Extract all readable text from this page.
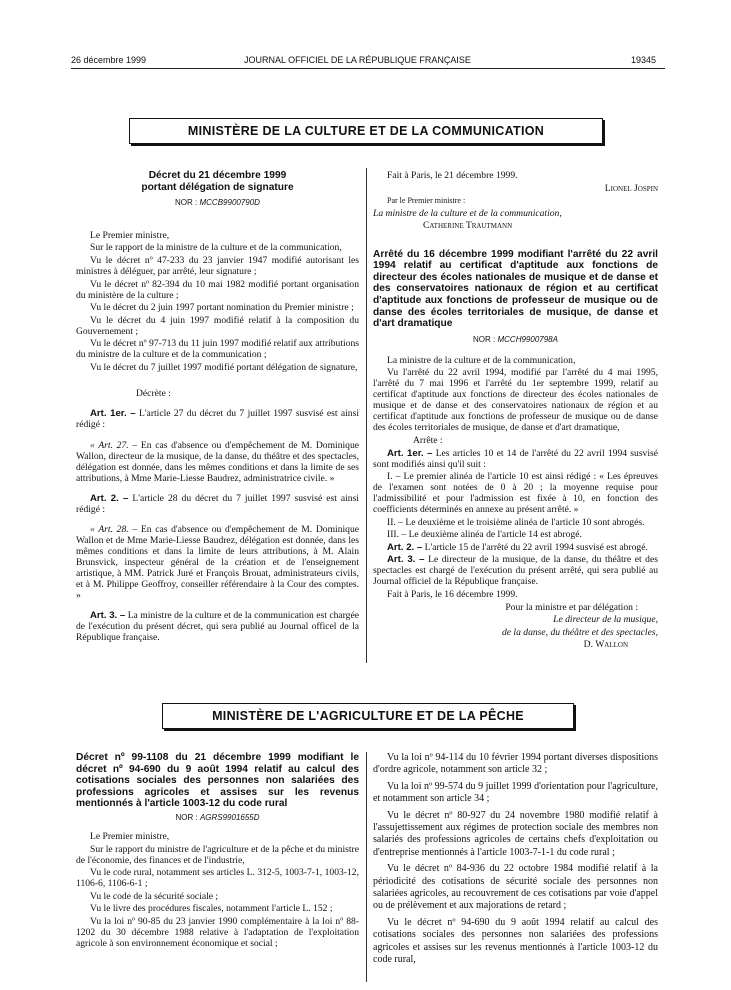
26 décembre 1999	JOURNAL OFFICIEL DE LA RÉPUBLIQUE FRANÇAISE	19345
MINISTÈRE DE LA CULTURE ET DE LA COMMUNICATION

Décret du 21 décembre 1999

portant délégation de signature

NOR : MCCB9900790D

Le Premier ministre,

Sur le rapport de la ministre de la culture et de la communication,

Vu le décret nº 47-233 du 23 janvier 1947 modifié autorisant les ministres à déléguer, par arrêté, leur signature ;

Vu le décret nº 82-394 du 10 mai 1982 modifié portant organisation du ministère de la culture ;

Vu le décret du 2 juin 1997 portant nomination du Premier ministre ;

Vu le décret du 4 juin 1997 modifié relatif à la composition du Gouvernement ;

Vu le décret nº 97-713 du 11 juin 1997 modifié relatif aux attributions du ministre de la culture et de la communication ;

Vu le décret du 7 juillet 1997 modifié portant délégation de signature,

Décrète :

Art. 1er. – L'article 27 du décret du 7 juillet 1997 susvisé est ainsi rédigé :

« Art. 27. – En cas d'absence ou d'empêchement de M. Dominique Wallon, directeur de la musique, de la danse, du théâtre et des spectacles, délégation est donnée, dans les mêmes conditions et dans la limite de ses attributions, à Mme Marie-Liesse Baudrez, administratrice civile. »

Art. 2. – L'article 28 du décret du 7 juillet 1997 susvisé est ainsi rédigé :

« Art. 28. – En cas d'absence ou d'empêchement de M. Dominique Wallon et de Mme Marie-Liesse Baudrez, délégation est donnée, dans les mêmes conditions et dans la limite de leurs attributions, à M. Alain Brunsvick, inspecteur général de la création et de l'enseignement artistique, à MM. Patrick Juré et François Brouat, administrateurs civils, et à M. Philippe Geoffroy, conseiller référendaire à la Cour des comptes. »

Art. 3. – La ministre de la culture et de la communication est chargée de l'exécution du présent décret, qui sera publié au Journal officel de la République française.

Fait à Paris, le 21 décembre 1999.

Lionel Jospin

Par le Premier ministre :

La ministre de la culture et de la communication,

Catherine Trautmann

Arrêté du 16 décembre 1999 modifiant l'arrêté du 22 avril 1994 relatif au certificat d'aptitude aux fonctions de directeur des écoles nationales de musique et de danse et des conservatoires nationaux de région et au certificat d'aptitude aux fonctions de professeur de musique ou de danse des écoles territoriales de musique, de danse et d'art dramatique

NOR : MCCH9900798A

La ministre de la culture et de la communication,

Vu l'arrêté du 22 avril 1994, modifié par l'arrêté du 4 mai 1995, l'arrêté du 7 mai 1996 et l'arrêté du 1er septembre 1999, relatif au certificat d'aptitude aux fonctions de directeur des écoles nationales de musique et de danse et des conservatoires nationaux de région et au certificat d'aptitude aux fonctions de professeur de musique ou de danse des écoles territoriales de musique, de danse et d'art dramatique,

Arrête :

Art. 1er. – Les articles 10 et 14 de l'arrêté du 22 avril 1994 susvisé sont modifiés ainsi qu'il suit :

I. – Le premier alinéa de l'article 10 est ainsi rédigé : « Les épreuves de l'examen sont notées de 0 à 20 ; la moyenne requise pour l'admissibilité et pour l'admission est fixée à 10, en fonction des coefficients déterminés en annexe au présent arrêté. »

II. – Le deuxième et le troisième alinéa de l'article 10 sont abrogés.

III. – Le deuxième alinéa de l'article 14 est abrogé.

Art. 2. – L'article 15 de l'arrêté du 22 avril 1994 susvisé est abrogé.

Art. 3. – Le directeur de la musique, de la danse, du théâtre et des spectacles est chargé de l'exécution du présent arrêté, qui sera publié au Journal officiel de la République française.

Fait à Paris, le 16 décembre 1999.

Pour la ministre et par délégation :

Le directeur de la musique,

de la danse, du théâtre et des spectacles,

D. Wallon

MINISTÈRE DE L'AGRICULTURE ET DE LA PÊCHE

Décret nº 99-1108 du 21 décembre 1999 modifiant le décret nº 94-690 du 9 août 1994 relatif au calcul des cotisations sociales des personnes non salariées des professions agricoles et assises sur les revenus mentionnés à l'article 1003-12 du code rural

NOR : AGRS9901655D

Le Premier ministre,

Sur le rapport du ministre de l'agriculture et de la pêche et du ministre de l'économie, des finances et de l'industrie,

Vu le code rural, notamment ses articles L. 312-5, 1003-7-1, 1003-12, 1106-6, 1106-6-1 ;

Vu le code de la sécurité sociale ;

Vu le livre des procédures fiscales, notamment l'article L. 152 ;

Vu la loi nº 90-85 du 23 janvier 1990 complémentaire à la loi nº 88-1202 du 30 décembre 1988 relative à l'adaptation de l'exploitation agricole à son environnement économique et social ;

Vu la loi nº 94-114 du 10 février 1994 portant diverses dispositions d'ordre agricole, notamment son article 32 ;

Vu la loi nº 99-574 du 9 juillet 1999 d'orientation pour l'agriculture, et notamment son article 34 ;

Vu le décret nº 80-927 du 24 novembre 1980 modifié relatif à l'assujettissement aux régimes de protection sociale des membres non salariés des professions agricoles de certains chefs d'exploitation ou d'entreprise mentionnés à l'article 1003-7-1-1 du code rural ;

Vu le décret nº 84-936 du 22 octobre 1984 modifié relatif à la périodicité des cotisations de sécurité sociale des personnes non salariées agricoles, au recouvrement de ces cotisations par voie d'appel ou de prélèvement et aux majorations de retard ;

Vu le décret nº 94-690 du 9 août 1994 relatif au calcul des cotisations sociales des personnes non salariées des professions agricoles et assises sur les revenus mentionnés à l'article 1003-12 du code rural,
